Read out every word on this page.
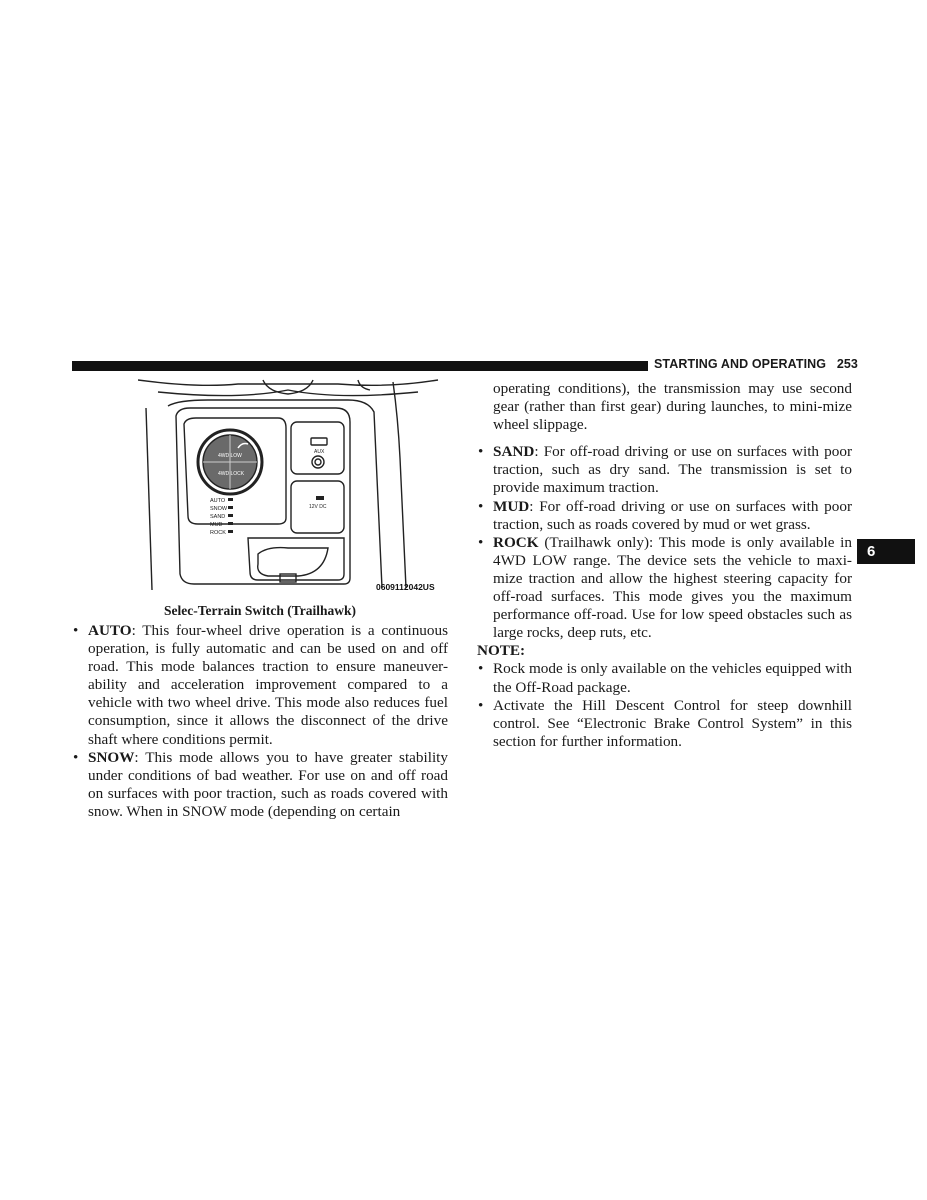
STARTING AND OPERATING 253
4WD LOW
4WD LOCK
AUTO
SNOW
SAND
MUD
ROCK
AUX
12V DC
0609112042US
Selec-Terrain Switch (Trailhawk)

• AUTO: This four-wheel drive operation is a continuous operation, is fully automatic and can be used on and off road. This mode balances traction to ensure maneuver-ability and acceleration improvement compared to a vehicle with two wheel drive. This mode also reduces fuel consumption, since it allows the disconnect of the drive shaft where conditions permit.

• SNOW: This mode allows you to have greater stability under conditions of bad weather. For use on and off road on surfaces with poor traction, such as roads covered with snow. When in SNOW mode (depending on certain

operating conditions), the transmission may use second gear (rather than first gear) during launches, to mini-mize wheel slippage.

• SAND: For off-road driving or use on surfaces with poor traction, such as dry sand. The transmission is set to provide maximum traction.

• MUD: For off-road driving or use on surfaces with poor traction, such as roads covered by mud or wet grass.

• ROCK (Trailhawk only): This mode is only available in 4WD LOW range. The device sets the vehicle to maxi-mize traction and allow the highest steering capacity for off-road surfaces. This mode gives you the maximum performance off-road. Use for low speed obstacles such as large rocks, deep ruts, etc.

NOTE:

• Rock mode is only available on the vehicles equipped with the Off-Road package.

• Activate the Hill Descent Control for steep downhill control. See “Electronic Brake Control System” in this section for further information.

6
